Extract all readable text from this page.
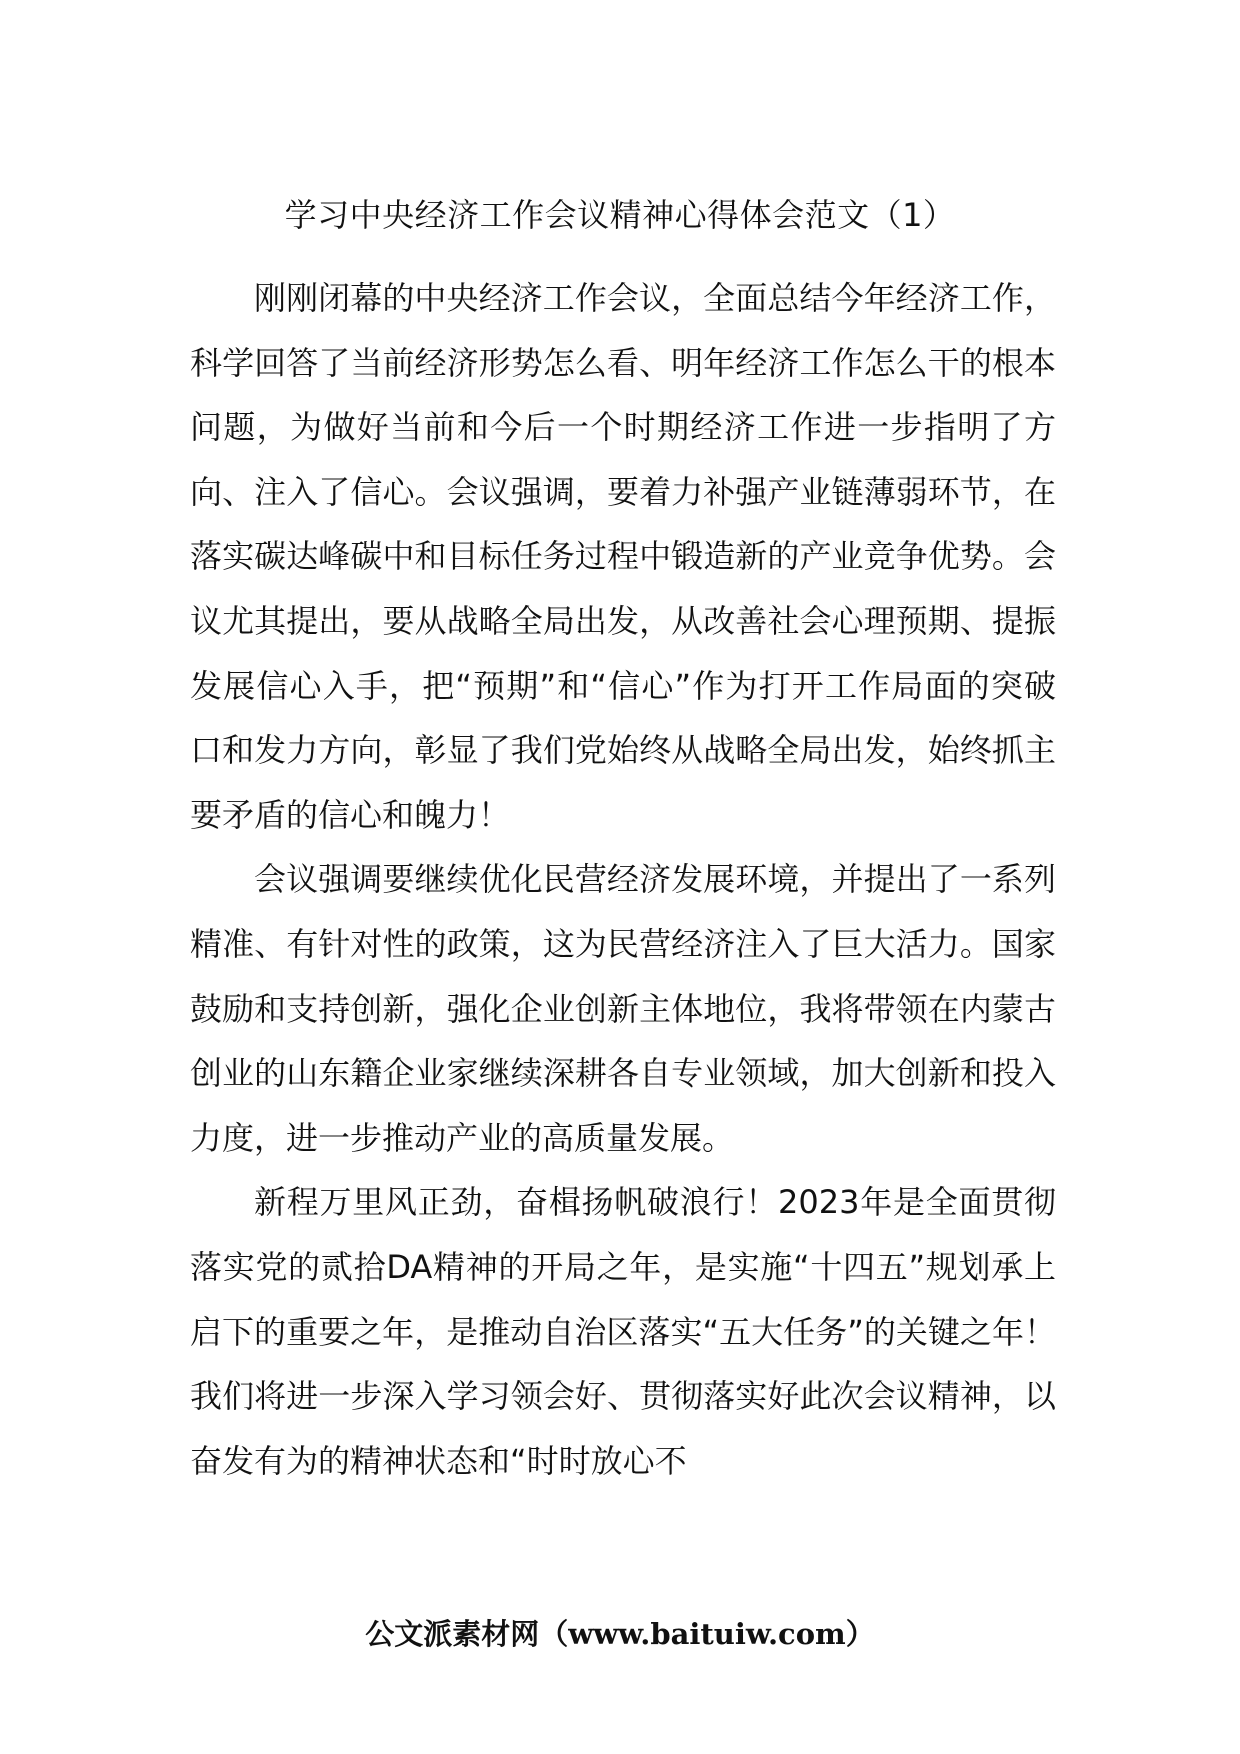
学习中央经济工作会议精神心得体会范文（1）

刚刚闭幕的中央经济工作会议，全面总结今年经济工作，科学回答了当前经济形势怎么看、明年经济工作怎么干的根本问题，为做好当前和今后一个时期经济工作进一步指明了方向、注入了信心。会议强调，要着力补强产业链薄弱环节，在落实碳达峰碳中和目标任务过程中锻造新的产业竞争优势。会议尤其提出，要从战略全局出发，从改善社会心理预期、提振发展信心入手，把“预期”和“信心”作为打开工作局面的突破口和发力方向，彰显了我们党始终从战略全局出发，始终抓主要矛盾的信心和魄力！

会议强调要继续优化民营经济发展环境，并提出了一系列精准、有针对性的政策，这为民营经济注入了巨大活力。国家鼓励和支持创新，强化企业创新主体地位，我将带领在内蒙古创业的山东籍企业家继续深耕各自专业领域，加大创新和投入力度，进一步推动产业的高质量发展。

新程万里风正劲，奋楫扬帆破浪行！2023年是全面贯彻落实党的贰拾DA精神的开局之年，是实施“十四五”规划承上启下的重要之年，是推动自治区落实“五大任务”的关键之年！我们将进一步深入学习领会好、贯彻落实好此次会议精神，以奋发有为的精神状态和“时时放心不

公文派素材网（www.baituiw.com）
